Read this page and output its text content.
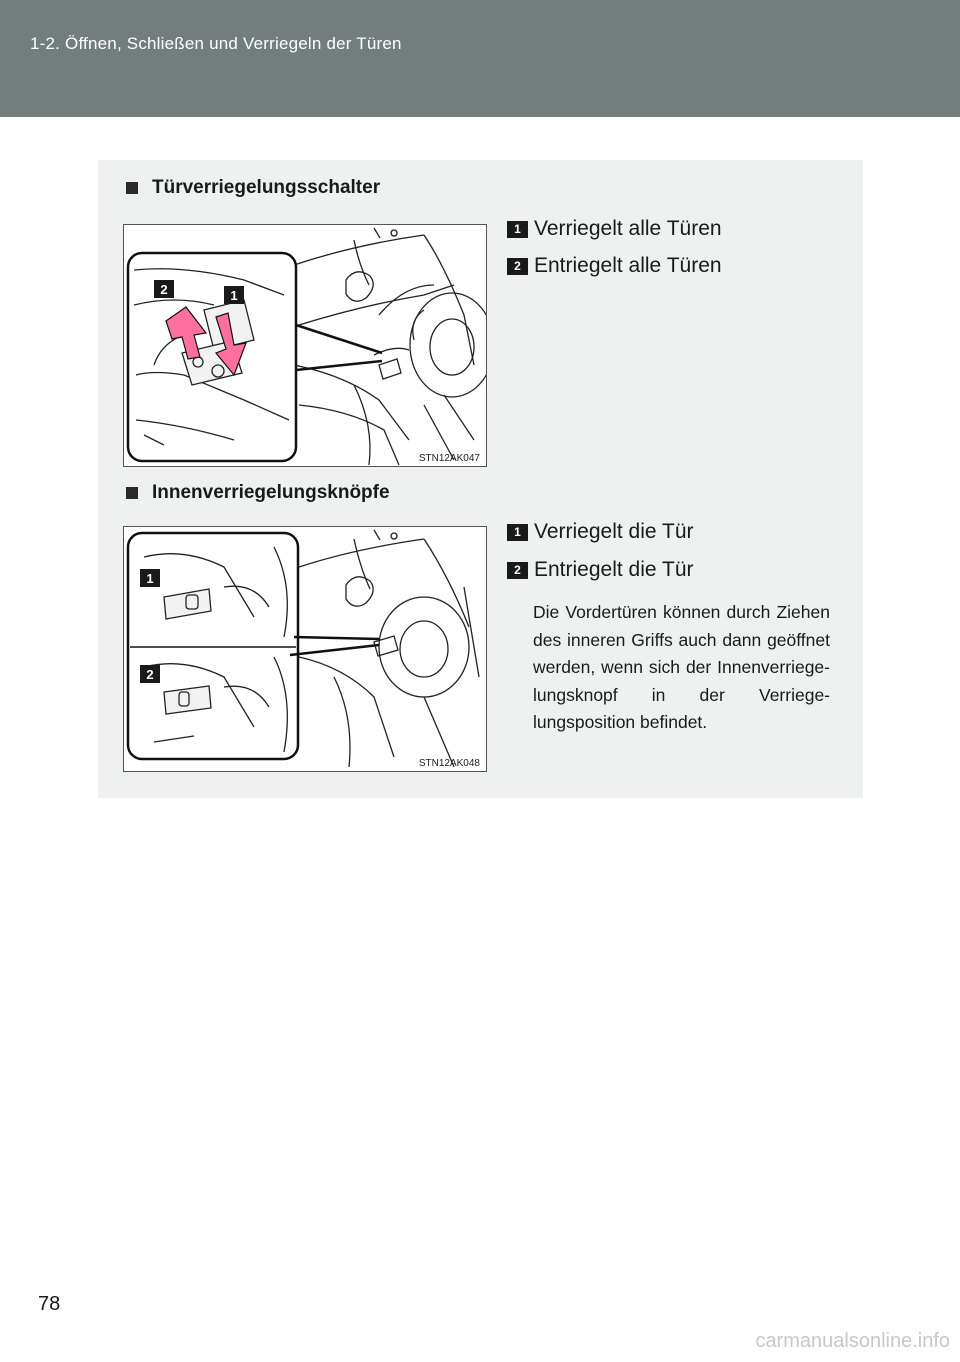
1-2. Öffnen, Schließen und Verriegeln der Türen
Türverriegelungsschalter
2	1
STN12AK047
1 Verriegelt alle Türen
2 Entriegelt alle Türen
Innenverriegelungsknöpfe
1
2
STN12AK048
1 Verriegelt die Tür
2 Entriegelt die Tür
Die Vordertüren können durch Ziehen des inneren Griffs auch dann geöffnet werden, wenn sich der Innenverriege-lungsknopf in der Verriege-lungsposition befindet.
78
carmanualsonline.info
